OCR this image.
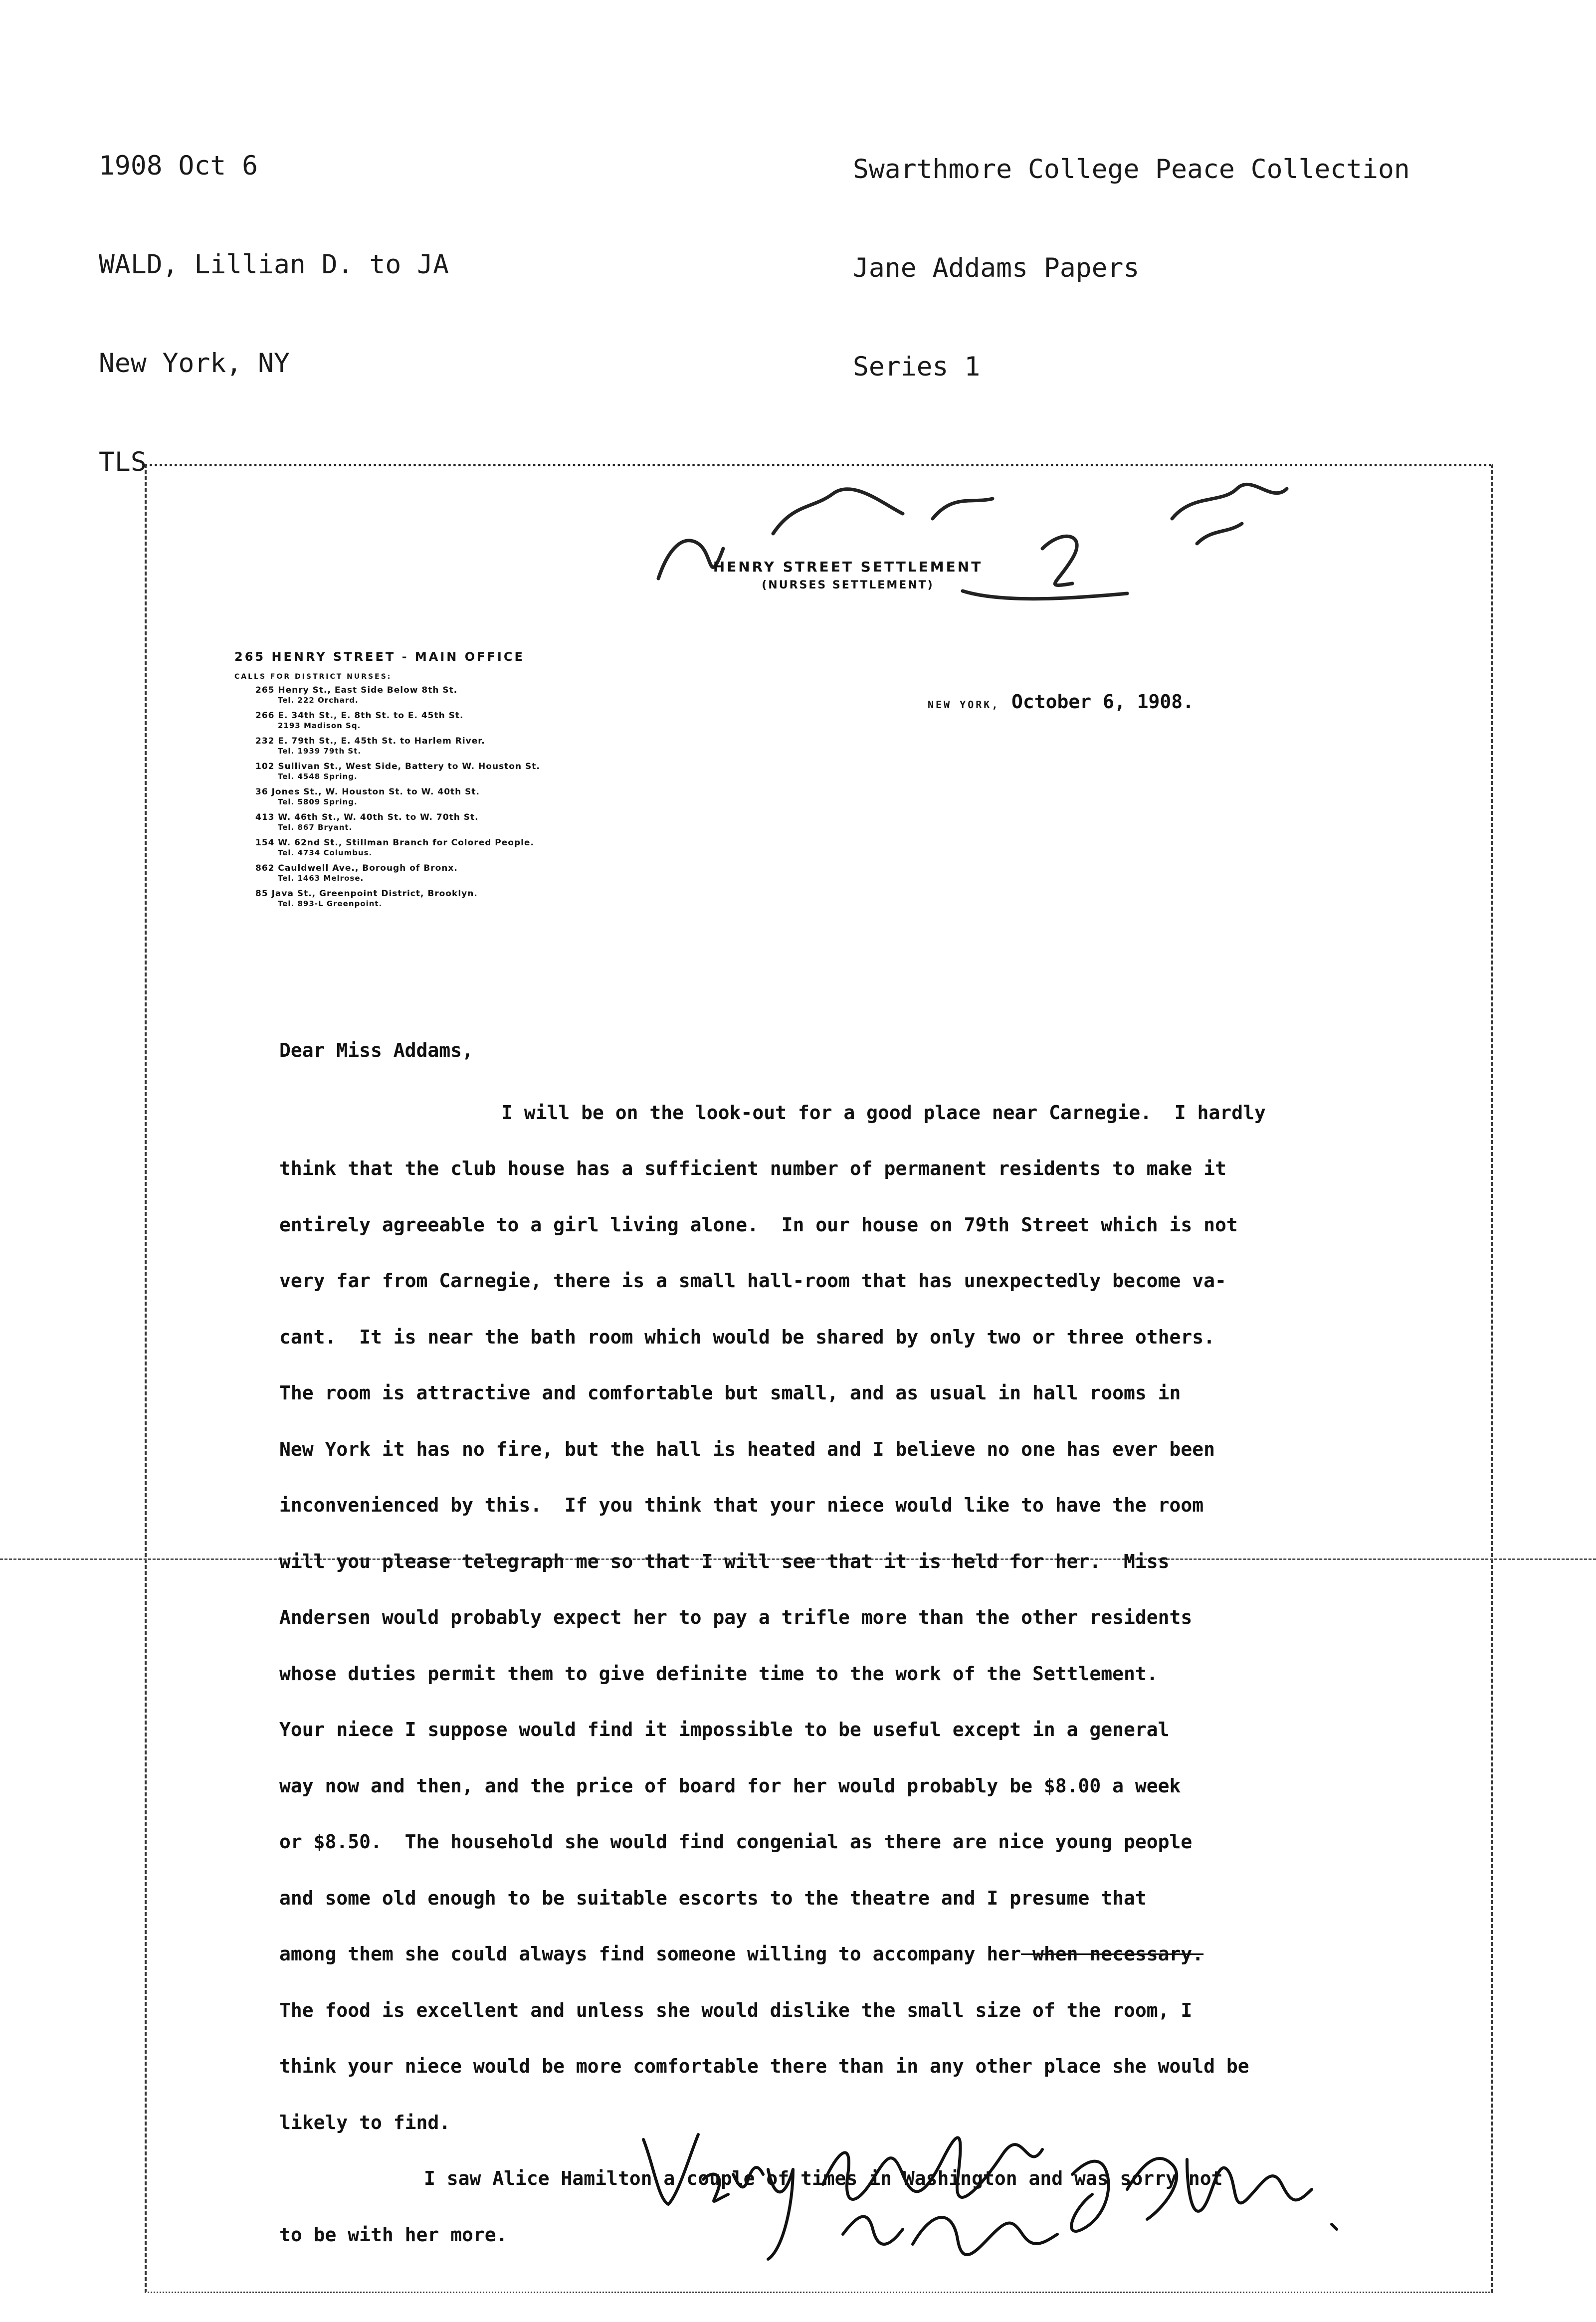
1908 Oct 6

WALD, Lillian D. to JA

New York, NY

TLS

Swarthmore College Peace Collection

Jane Addams Papers

Series 1

HENRY STREET SETTLEMENT
(NURSES SETTLEMENT)
265 HENRY STREET - MAIN OFFICE
CALLS FOR DISTRICT NURSES:
265 Henry St., East Side Below 8th St.
Tel. 222 Orchard.
266 E. 34th St., E. 8th St. to E. 45th St.
2193 Madison Sq.
232 E. 79th St., E. 45th St. to Harlem River.
Tel. 1939 79th St.
102 Sullivan St., West Side, Battery to W. Houston St.
Tel. 4548 Spring.
36 Jones St., W. Houston St. to W. 40th St.
Tel. 5809 Spring.
413 W. 46th St., W. 40th St. to W. 70th St.
Tel. 867 Bryant.
154 W. 62nd St., Stillman Branch for Colored People.
Tel. 4734 Columbus.
862 Cauldwell Ave., Borough of Bronx.
Tel. 1463 Melrose.
85 Java St., Greenpoint District, Brooklyn.
Tel. 893-L Greenpoint.
NEW YORK, October 6, 1908.
Dear Miss Addams,
I will be on the look-out for a good place near Carnegie.  I hardly
think that the club house has a sufficient number of permanent residents to make it
entirely agreeable to a girl living alone.  In our house on 79th Street which is not
very far from Carnegie, there is a small hall-room that has unexpectedly become va-
cant.  It is near the bath room which would be shared by only two or three others.
The room is attractive and comfortable but small, and as usual in hall rooms in
New York it has no fire, but the hall is heated and I believe no one has ever been
inconvenienced by this.  If you think that your niece would like to have the room
will you please telegraph me so that I will see that it is held for her.  Miss
Andersen would probably expect her to pay a trifle more than the other residents
whose duties permit them to give definite time to the work of the Settlement.
Your niece I suppose would find it impossible to be useful except in a general
way now and then, and the price of board for her would probably be $8.00 a week
or $8.50.  The household she would find congenial as there are nice young people
and some old enough to be suitable escorts to the theatre and I presume that
among them she could always find someone willing to accompany her when necessary.
The food is excellent and unless she would dislike the small size of the room, I
think your niece would be more comfortable there than in any other place she would be
likely to find.
I saw Alice Hamilton a couple of times in Washington and was sorry not
to be with her more.
